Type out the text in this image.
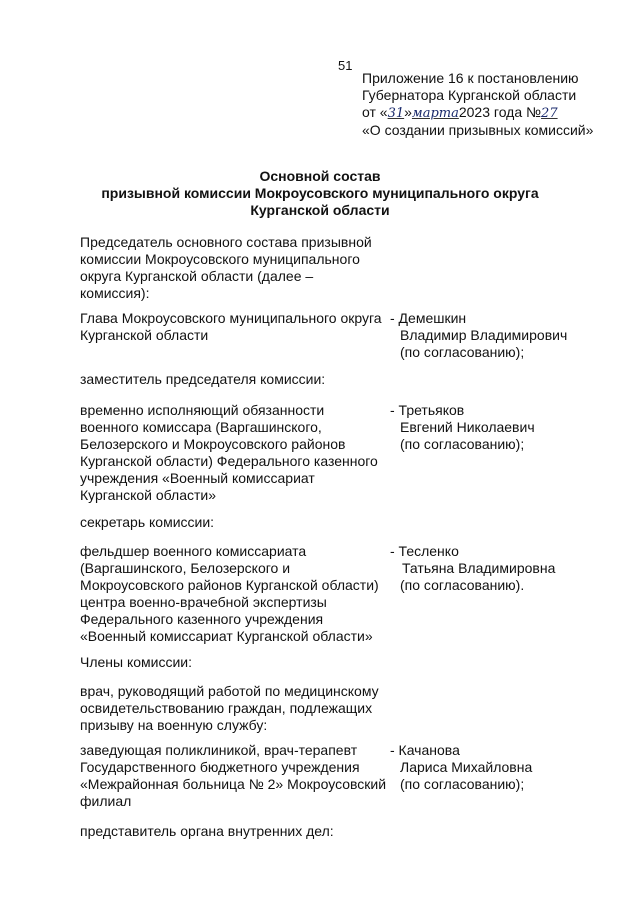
51
Приложение 16 к постановлению
Губернатора Курганской области
от «31»марта2023 года №27
«О создании призывных комиссий»
Основной состав
призывной комиссии Мокроусовского муниципального округа
Курганской области
Председатель основного состава призывной
комиссии Мокроусовского муниципального
округа Курганской области (далее –
комиссия):
Глава Мокроусовского муниципального округа
Курганской области
- Демешкин
Владимир Владимирович
(по согласованию);
заместитель председателя комиссии:
временно исполняющий обязанности
военного комиссара (Варгашинского,
Белозерского и Мокроусовского районов
Курганской области) Федерального казенного
учреждения «Военный комиссариат
Курганской области»
- Третьяков
Евгений Николаевич
(по согласованию);
секретарь комиссии:
фельдшер военного комиссариата
(Варгашинского, Белозерского и
Мокроусовского районов Курганской области)
центра военно-врачебной экспертизы
Федерального казенного учреждения
«Военный комиссариат Курганской области»
- Тесленко
Татьяна Владимировна
(по согласованию).
Члены комиссии:
врач, руководящий работой по медицинскому
освидетельствованию граждан, подлежащих
призыву на военную службу:
заведующая поликлиникой, врач-терапевт
Государственного бюджетного учреждения
«Межрайонная больница № 2» Мокроусовский
филиал
- Качанова
Лариса Михайловна
(по согласованию);
представитель органа внутренних дел:
